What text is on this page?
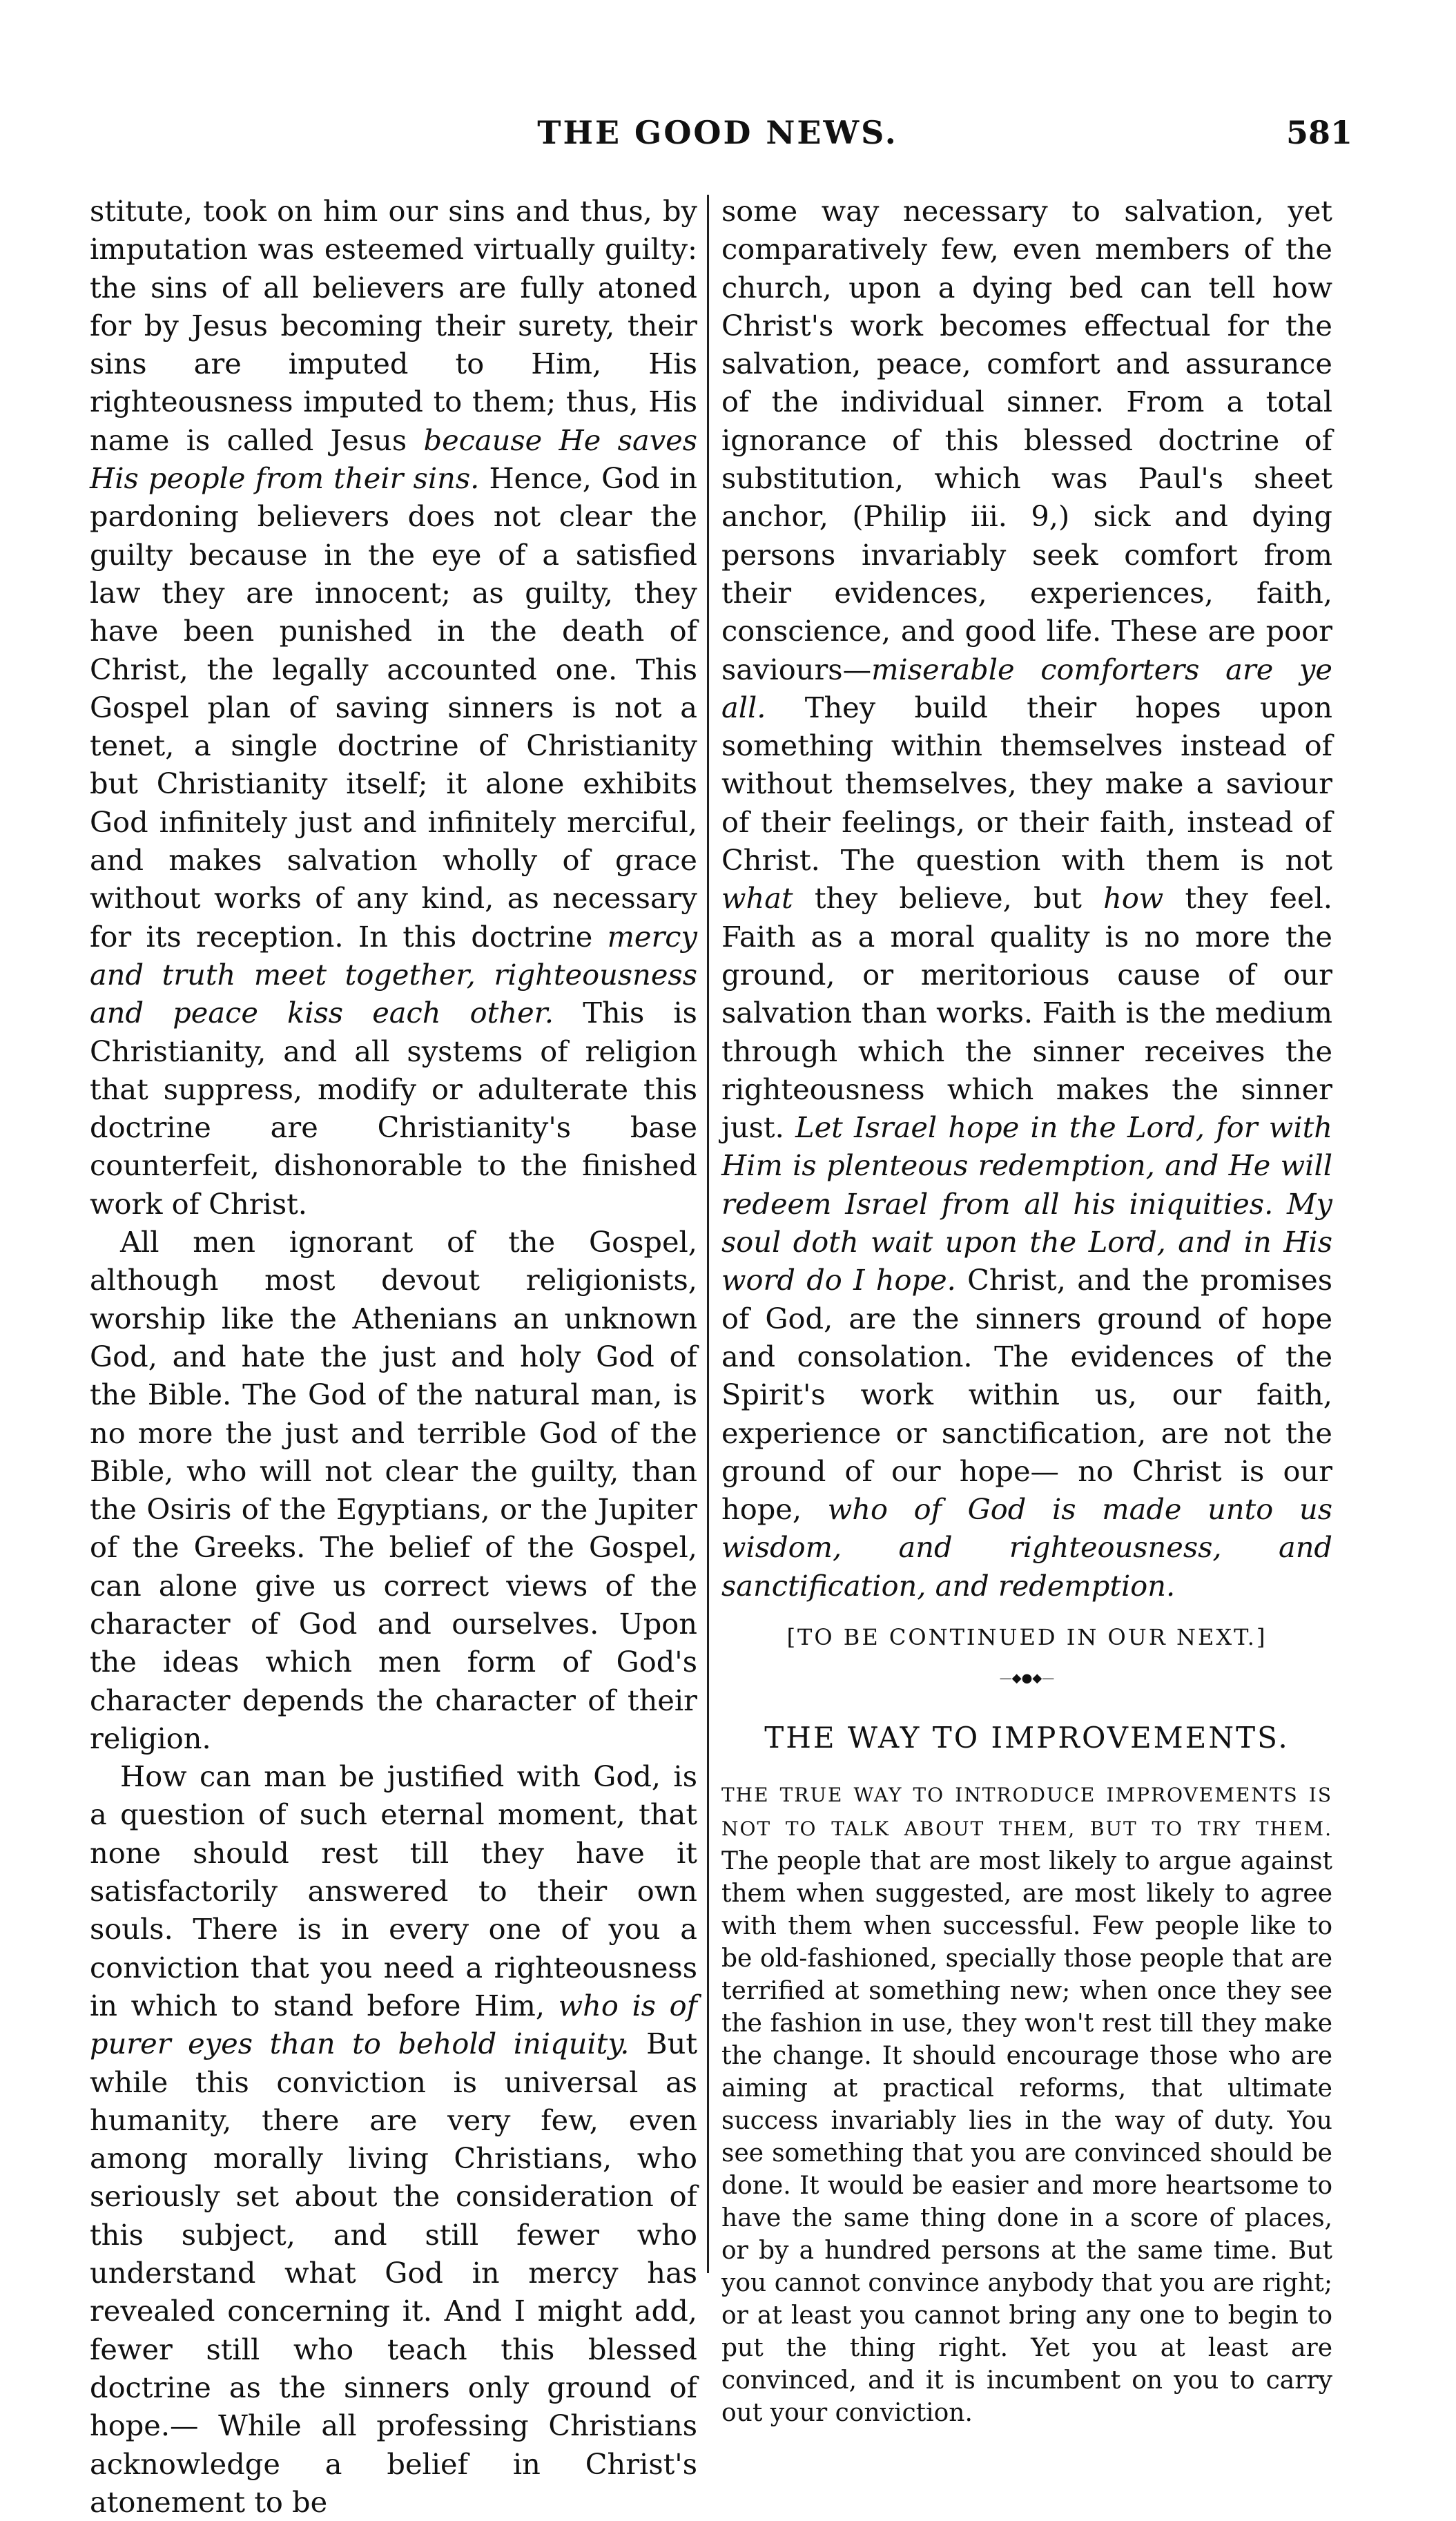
THE GOOD NEWS.	581

stitute, took on him our sins and thus, by imputation was esteemed virtually guilty: the sins of all believers are fully atoned for by Jesus becoming their surety, their sins are imputed to Him, His righteousness imputed to them; thus, His name is called Jesus because He saves His people from their sins. Hence, God in pardoning believers does not clear the guilty because in the eye of a satisfied law they are innocent; as guilty, they have been punished in the death of Christ, the legally accounted one. This Gospel plan of saving sinners is not a tenet, a single doctrine of Christianity but Christianity itself; it alone exhibits God infinitely just and infinitely merciful, and makes salvation wholly of grace without works of any kind, as necessary for its reception. In this doctrine mercy and truth meet together, righteousness and peace kiss each other. This is Christianity, and all systems of religion that suppress, modify or adulterate this doctrine are Christianity's base counterfeit, dishonorable to the finished work of Christ.

All men ignorant of the Gospel, although most devout religionists, worship like the Athenians an unknown God, and hate the just and holy God of the Bible. The God of the natural man, is no more the just and terrible God of the Bible, who will not clear the guilty, than the Osiris of the Egyptians, or the Jupiter of the Greeks. The belief of the Gospel, can alone give us correct views of the character of God and ourselves. Upon the ideas which men form of God's character depends the character of their religion.

How can man be justified with God, is a question of such eternal moment, that none should rest till they have it satisfactorily answered to their own souls. There is in every one of you a conviction that you need a righteousness in which to stand before Him, who is of purer eyes than to behold iniquity. But while this conviction is universal as humanity, there are very few, even among morally living Christians, who seriously set about the consideration of this subject, and still fewer who understand what God in mercy has revealed concerning it. And I might add, fewer still who teach this blessed doctrine as the sinners only ground of hope.— While all professing Christians acknowledge a belief in Christ's atonement to be

some way necessary to salvation, yet comparatively few, even members of the church, upon a dying bed can tell how Christ's work becomes effectual for the salvation, peace, comfort and assurance of the individual sinner. From a total ignorance of this blessed doctrine of substitution, which was Paul's sheet anchor, (Philip iii. 9,) sick and dying persons invariably seek comfort from their evidences, experiences, faith, conscience, and good life. These are poor saviours—miserable comforters are ye all. They build their hopes upon something within themselves instead of without themselves, they make a saviour of their feelings, or their faith, instead of Christ. The question with them is not what they believe, but how they feel. Faith as a moral quality is no more the ground, or meritorious cause of our salvation than works. Faith is the medium through which the sinner receives the righteousness which makes the sinner just. Let Israel hope in the Lord, for with Him is plenteous redemption, and He will redeem Israel from all his iniquities. My soul doth wait upon the Lord, and in His word do I hope. Christ, and the promises of God, are the sinners ground of hope and consolation. The evidences of the Spirit's work within us, our faith, experience or sanctification, are not the ground of our hope— no Christ is our hope, who of God is made unto us wisdom, and righteousness, and sanctification, and redemption.

[TO BE CONTINUED IN OUR NEXT.]
—◆●◆—
THE WAY TO IMPROVEMENTS.

THE TRUE WAY TO INTRODUCE IMPROVEMENTS IS NOT TO TALK ABOUT THEM, BUT TO TRY THEM. The people that are most likely to argue against them when suggested, are most likely to agree with them when successful. Few people like to be old-fashioned, specially those people that are terrified at something new; when once they see the fashion in use, they won't rest till they make the change. It should encourage those who are aiming at practical reforms, that ultimate success invariably lies in the way of duty. You see something that you are convinced should be done. It would be easier and more heartsome to have the same thing done in a score of places, or by a hundred persons at the same time. But you cannot convince anybody that you are right; or at least you cannot bring any one to begin to put the thing right. Yet you at least are convinced, and it is incumbent on you to carry out your conviction.
